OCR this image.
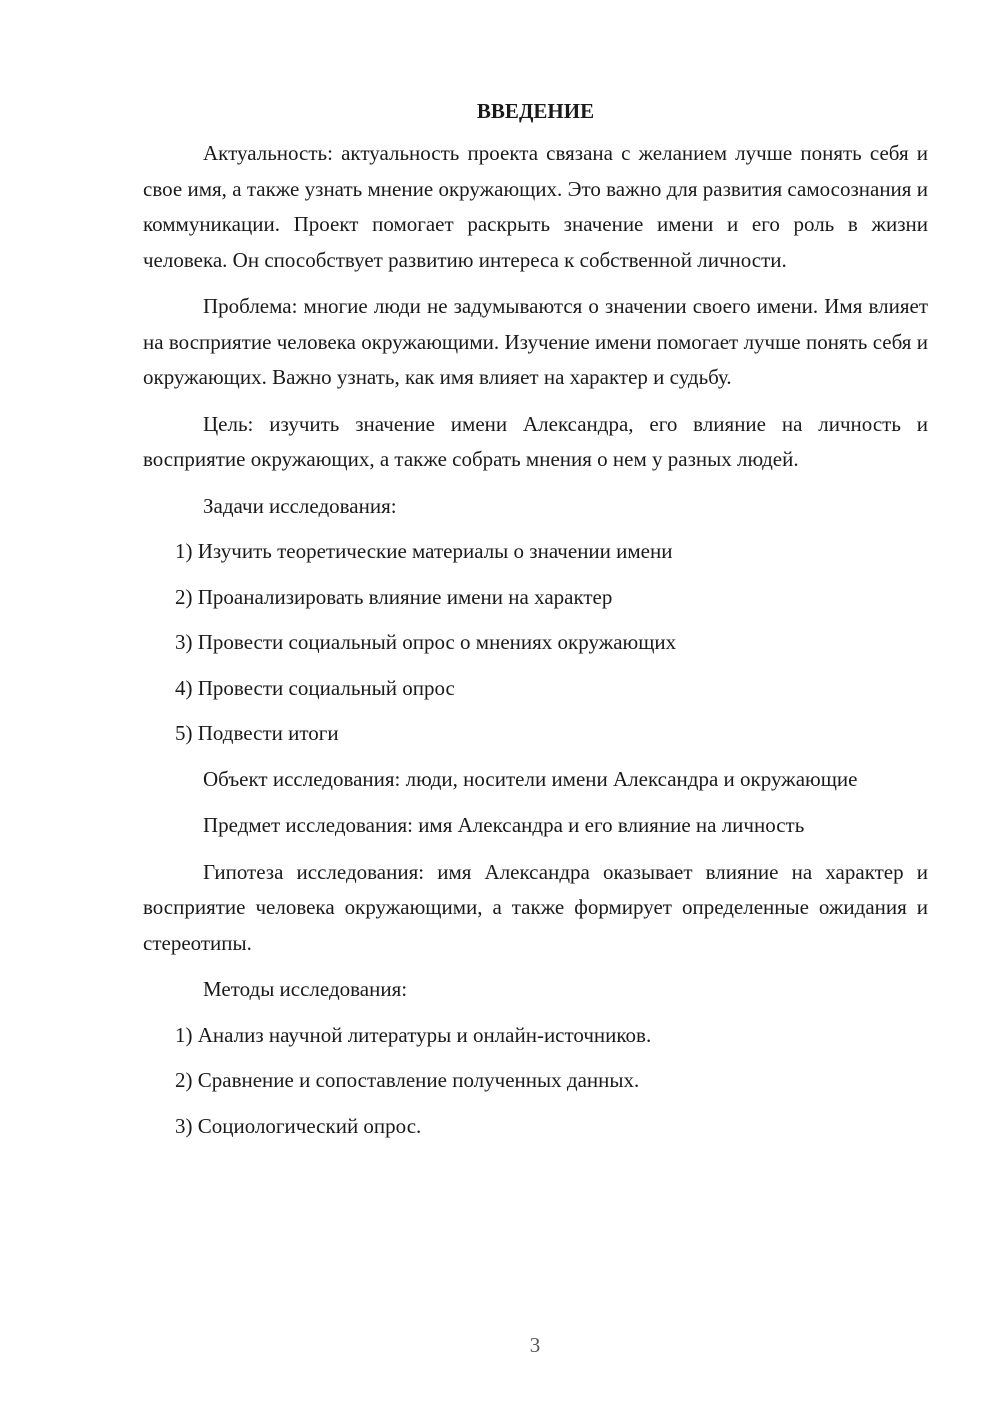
ВВЕДЕНИЕ

Актуальность: актуальность проекта связана с желанием лучше понять себя и свое имя, а также узнать мнение окружающих. Это важно для развития самосознания и коммуникации. Проект помогает раскрыть значение имени и его роль в жизни человека. Он способствует развитию интереса к собственной личности.

Проблема: многие люди не задумываются о значении своего имени. Имя влияет на восприятие человека окружающими. Изучение имени помогает лучше понять себя и окружающих. Важно узнать, как имя влияет на характер и судьбу.

Цель: изучить значение имени Александра, его влияние на личность и восприятие окружающих, а также собрать мнения о нем у разных людей.

Задачи исследования:

1) Изучить теоретические материалы о значении имени
2) Проанализировать влияние имени на характер
3) Провести социальный опрос о мнениях окружающих
4) Провести социальный опрос
5) Подвести итоги

Объект исследования: люди, носители имени Александра и окружающие

Предмет исследования: имя Александра и его влияние на личность

Гипотеза исследования: имя Александра оказывает влияние на характер и восприятие человека окружающими, а также формирует определенные ожидания и стереотипы.

Методы исследования:

1) Анализ научной литературы и онлайн-источников.
2) Сравнение и сопоставление полученных данных.
3) Социологический опрос.
3
